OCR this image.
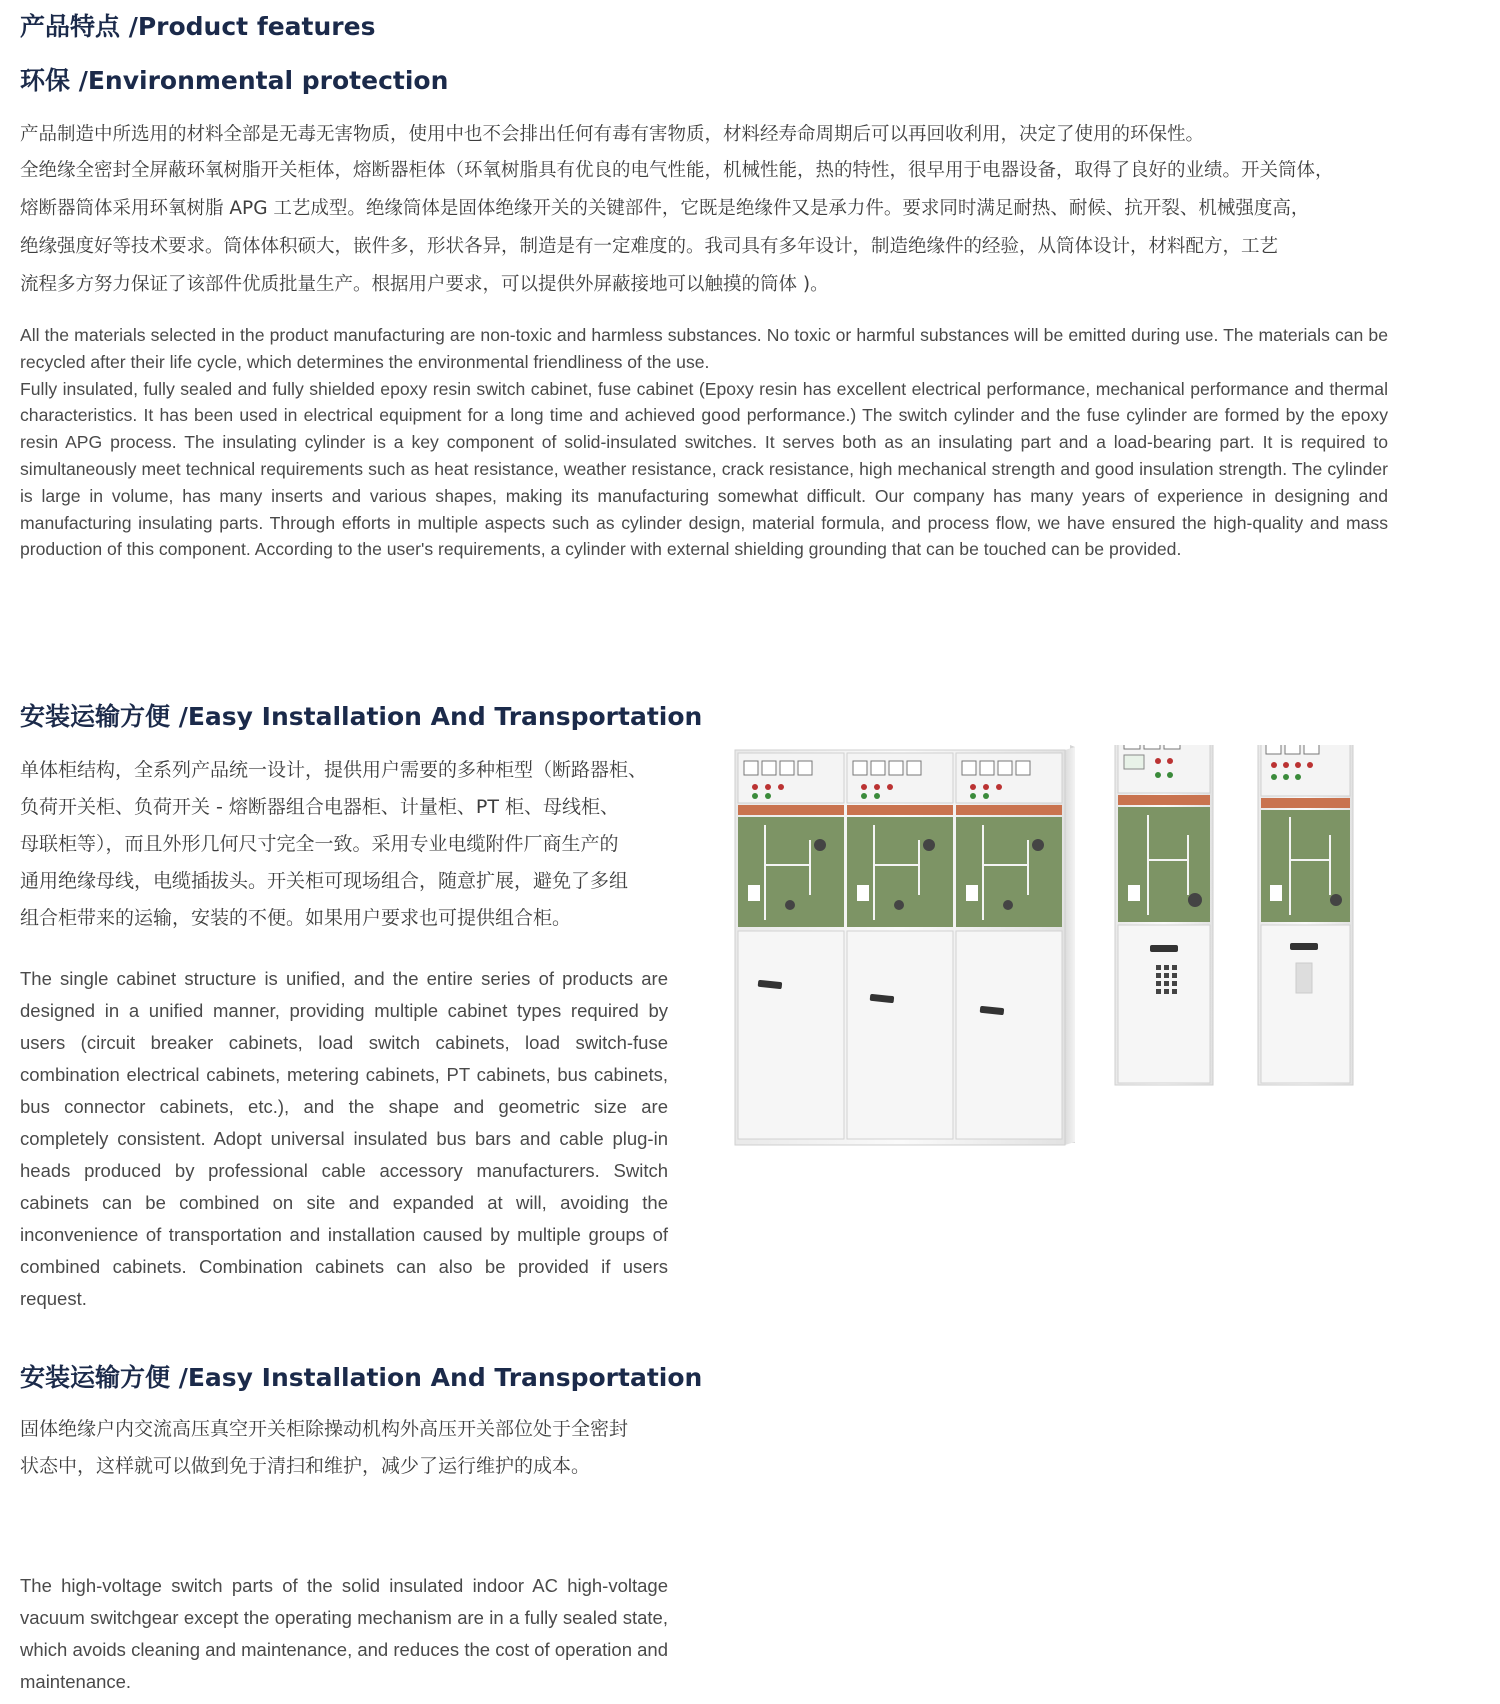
产品特点 /Product features
环保 /Environmental protection

产品制造中所选用的材料全部是无毒无害物质，使用中也不会排出任何有毒有害物质，材料经寿命周期后可以再回收利用，决定了使用的环保性。

全绝缘全密封全屏蔽环氧树脂开关柜体，熔断器柜体（环氧树脂具有优良的电气性能，机械性能，热的特性，很早用于电器设备，取得了良好的业绩。开关筒体，

熔断器筒体采用环氧树脂 APG 工艺成型。绝缘筒体是固体绝缘开关的关键部件，它既是绝缘件又是承力件。要求同时满足耐热、耐候、抗开裂、机械强度高，

绝缘强度好等技术要求。筒体体积硕大，嵌件多，形状各异，制造是有一定难度的。我司具有多年设计，制造绝缘件的经验，从筒体设计，材料配方，工艺

流程多方努力保证了该部件优质批量生产。根据用户要求，可以提供外屏蔽接地可以触摸的筒体 )。

All the materials selected in the product manufacturing are non-toxic and harmless substances. No toxic or harmful substances will be emitted during use. The materials can be recycled after their life cycle, which determines the environmental friendliness of the use.
Fully insulated, fully sealed and fully shielded epoxy resin switch cabinet, fuse cabinet (Epoxy resin has excellent electrical performance, mechanical performance and thermal characteristics. It has been used in electrical equipment for a long time and achieved good performance.) The switch cylinder and the fuse cylinder are formed by the epoxy resin APG process. The insulating cylinder is a key component of solid-insulated switches. It serves both as an insulating part and a load-bearing part. It is required to simultaneously meet technical requirements such as heat resistance, weather resistance, crack resistance, high mechanical strength and good insulation strength. The cylinder is large in volume, has many inserts and various shapes, making its manufacturing somewhat difficult. Our company has many years of experience in designing and manufacturing insulating parts. Through efforts in multiple aspects such as cylinder design, material formula, and process flow, we have ensured the high-quality and mass production of this component. According to the user's requirements, a cylinder with external shielding grounding that can be touched can be provided.

安装运输方便 /Easy Installation And Transportation

单体柜结构，全系列产品统一设计，提供用户需要的多种柜型（断路器柜、

负荷开关柜、负荷开关 - 熔断器组合电器柜、计量柜、PT 柜、母线柜、

母联柜等），而且外形几何尺寸完全一致。采用专业电缆附件厂商生产的

通用绝缘母线，电缆插拔头。开关柜可现场组合，随意扩展，避免了多组

组合柜带来的运输，安装的不便。如果用户要求也可提供组合柜。

The single cabinet structure is unified, and the entire series of products are designed in a unified manner, providing multiple cabinet types required by users (circuit breaker cabinets, load switch cabinets, load switch-fuse combination electrical cabinets, metering cabinets, PT cabinets, bus cabinets, bus connector cabinets, etc.), and the shape and geometric size are completely consistent. Adopt universal insulated bus bars and cable plug-in heads produced by professional cable accessory manufacturers. Switch cabinets can be combined on site and expanded at will, avoiding the inconvenience of transportation and installation caused by multiple groups of combined cabinets. Combination cabinets can also be provided if users request.

安装运输方便 /Easy Installation And Transportation

固体绝缘户内交流高压真空开关柜除操动机构外高压开关部位处于全密封

状态中，这样就可以做到免于清扫和维护，减少了运行维护的成本。

The high-voltage switch parts of the solid insulated indoor AC high-voltage vacuum switchgear except the operating mechanism are in a fully sealed state, which avoids cleaning and maintenance, and reduces the cost of operation and maintenance.
